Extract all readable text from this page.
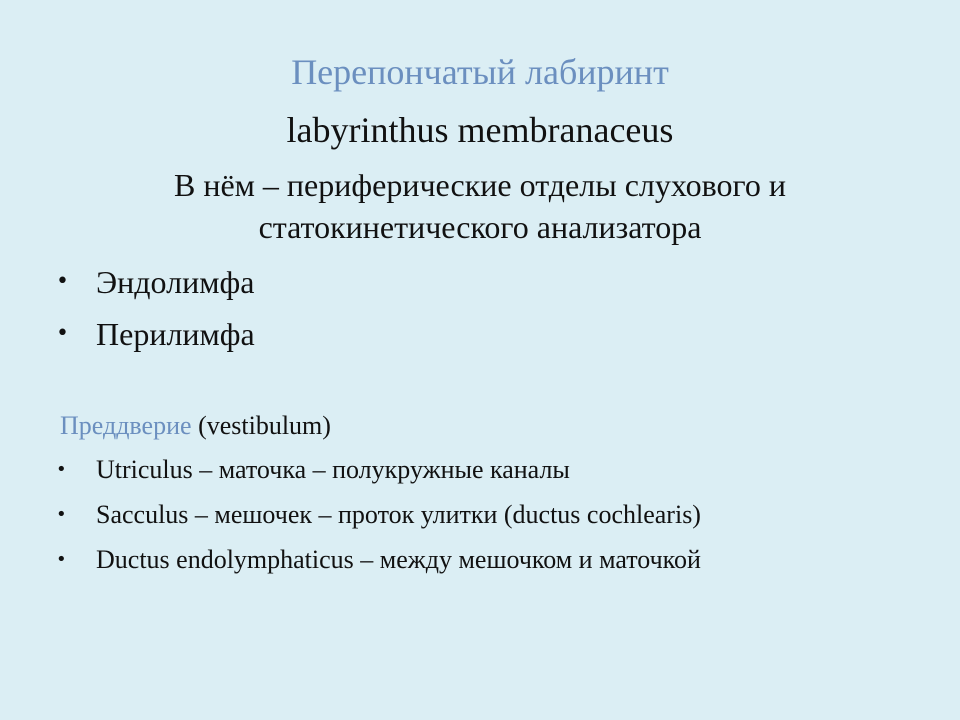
Перепончатый лабиринт
labyrinthus membranaceus
В нём – периферические отделы слухового и статокинетического анализатора
• Эндолимфа
• Перилимфа
Преддверие (vestibulum)
• Utriculus – маточка – полукружные каналы
• Sacculus – мешочек – проток улитки (ductus cochlearis)
• Ductus endolymphaticus – между мешочком и маточкой
